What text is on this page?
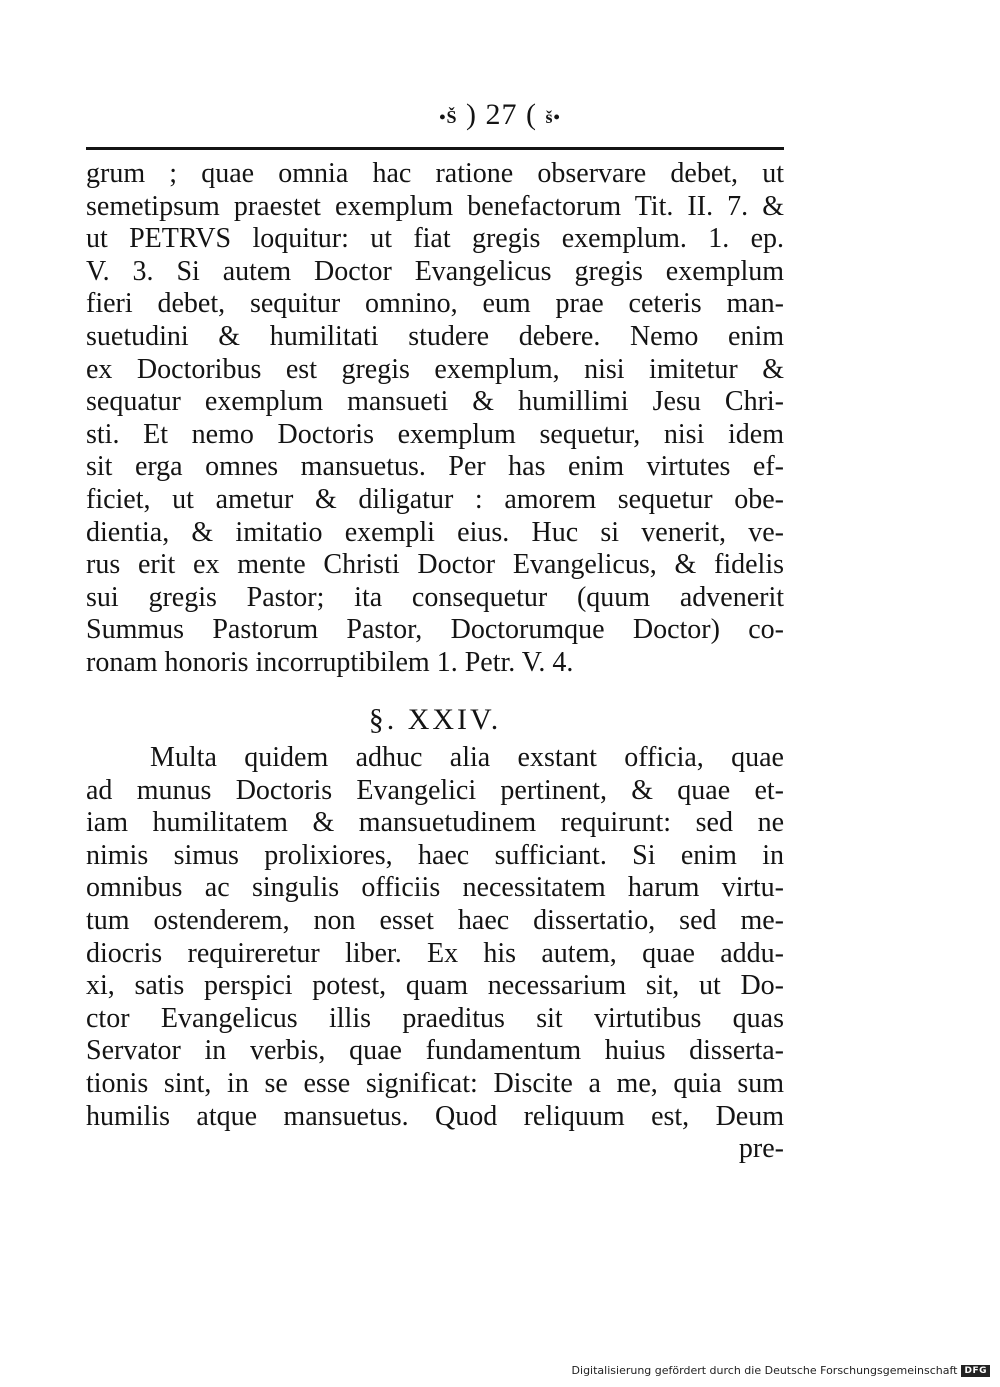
•Š ) 27 ( š•
grum ; quae omnia hac ratione observare debet, ut
semetipsum praestet exemplum benefactorum Tit. II. 7. &
ut PETRVS loquitur: ut fiat gregis exemplum. 1. ep.
V. 3. Si autem Doctor Evangelicus gregis exemplum
fieri debet, sequitur omnino, eum prae ceteris man-
suetudini & humilitati studere debere. Nemo enim
ex Doctoribus est gregis exemplum, nisi imitetur &
sequatur exemplum mansueti & humillimi Jesu Chri-
sti. Et nemo Doctoris exemplum sequetur, nisi idem
sit erga omnes mansuetus. Per has enim virtutes ef-
ficiet, ut ametur & diligatur : amorem sequetur obe-
dientia, & imitatio exempli eius. Huc si venerit, ve-
rus erit ex mente Christi Doctor Evangelicus, & fidelis
sui gregis Pastor; ita consequetur (quum advenerit
Summus Pastorum Pastor, Doctorumque Doctor) co-
ronam honoris incorruptibilem 1. Petr. V. 4.
§. XXIV.
Multa quidem adhuc alia exstant officia, quae
ad munus Doctoris Evangelici pertinent, & quae et-
iam humilitatem & mansuetudinem requirunt: sed ne
nimis simus prolixiores, haec sufficiant. Si enim in
omnibus ac singulis officiis necessitatem harum virtu-
tum ostenderem, non esset haec dissertatio, sed me-
diocris requireretur liber. Ex his autem, quae addu-
xi, satis perspici potest, quam necessarium sit, ut Do-
ctor Evangelicus illis praeditus sit virtutibus quas
Servator in verbis, quae fundamentum huius disserta-
tionis sint, in se esse significat: Discite a me, quia sum
humilis atque mansuetus. Quod reliquum est, Deum
pre-
Digitalisierung gefördert durch die Deutsche Forschungsgemeinschaft DFG
